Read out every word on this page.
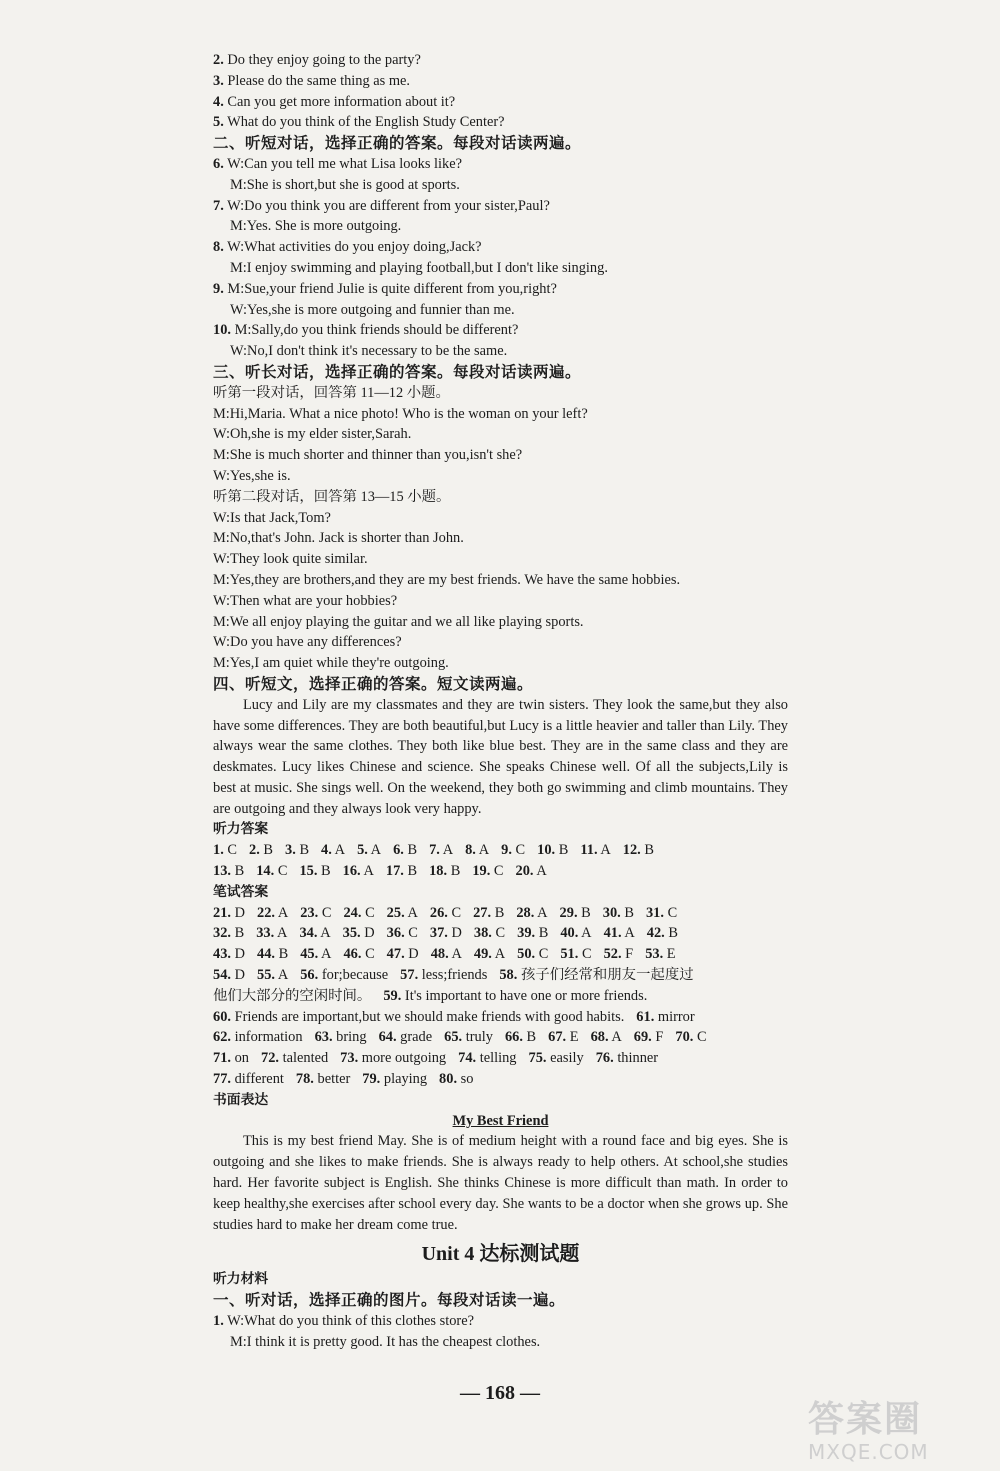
2. Do they enjoy going to the party?
3. Please do the same thing as me.
4. Can you get more information about it?
5. What do you think of the English Study Center?
二、听短对话，选择正确的答案。每段对话读两遍。
6. W:Can you tell me what Lisa looks like?
M:She is short,but she is good at sports.
7. W:Do you think you are different from your sister,Paul?
M:Yes. She is more outgoing.
8. W:What activities do you enjoy doing,Jack?
M:I enjoy swimming and playing football,but I don't like singing.
9. M:Sue,your friend Julie is quite different from you,right?
W:Yes,she is more outgoing and funnier than me.
10. M:Sally,do you think friends should be different?
W:No,I don't think it's necessary to be the same.
三、听长对话，选择正确的答案。每段对话读两遍。
听第一段对话，回答第 11—12 小题。
M:Hi,Maria. What a nice photo! Who is the woman on your left?
W:Oh,she is my elder sister,Sarah.
M:She is much shorter and thinner than you,isn't she?
W:Yes,she is.
听第二段对话，回答第 13—15 小题。
W:Is that Jack,Tom?
M:No,that's John. Jack is shorter than John.
W:They look quite similar.
M:Yes,they are brothers,and they are my best friends. We have the same hobbies.
W:Then what are your hobbies?
M:We all enjoy playing the guitar and we all like playing sports.
W:Do you have any differences?
M:Yes,I am quiet while they're outgoing.
四、听短文，选择正确的答案。短文读两遍。
Lucy and Lily are my classmates and they are twin sisters. They look the same,but they also have some differences. They are both beautiful,but Lucy is a little heavier and taller than Lily. They always wear the same clothes. They both like blue best. They are in the same class and they are deskmates. Lucy likes Chinese and science. She speaks Chinese well. Of all the subjects,Lily is best at music. She sings well. On the weekend, they both go swimming and climb mountains. They are outgoing and they always look very happy.
听力答案
1. C 2. B 3. B 4. A 5. A 6. B 7. A 8. A 9. C 10. B 11. A 12. B
13. B 14. C 15. B 16. A 17. B 18. B 19. C 20. A
笔试答案
21. D 22. A 23. C 24. C 25. A 26. C 27. B 28. A 29. B 30. B 31. C
32. B 33. A 34. A 35. D 36. C 37. D 38. C 39. B 40. A 41. A 42. B
43. D 44. B 45. A 46. C 47. D 48. A 49. A 50. C 51. C 52. F 53. E
54. D 55. A 56. for;because 57. less;friends 58. 孩子们经常和朋友一起度过
他们大部分的空闲时间。 59. It's important to have one or more friends.
60. Friends are important,but we should make friends with good habits. 61. mirror
62. information 63. bring 64. grade 65. truly 66. B 67. E 68. A 69. F 70. C
71. on 72. talented 73. more outgoing 74. telling 75. easily 76. thinner
77. different 78. better 79. playing 80. so
书面表达
My Best Friend
This is my best friend May. She is of medium height with a round face and big eyes. She is outgoing and she likes to make friends. She is always ready to help others. At school,she studies hard. Her favorite subject is English. She thinks Chinese is more difficult than math. In order to keep healthy,she exercises after school every day. She wants to be a doctor when she grows up. She studies hard to make her dream come true.
Unit 4 达标测试题
听力材料
一、听对话，选择正确的图片。每段对话读一遍。
1. W:What do you think of this clothes store?
M:I think it is pretty good. It has the cheapest clothes.
— 168 —
答案圈
MXQE.COM
